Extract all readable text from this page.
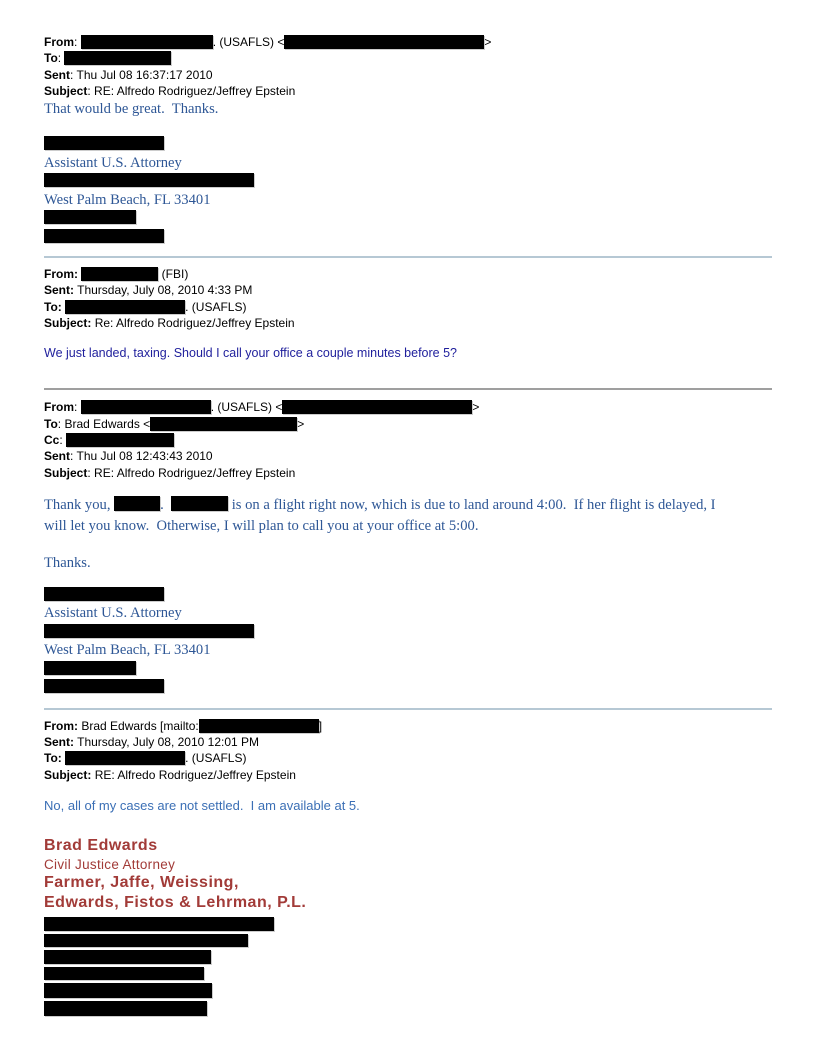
From:	. (USAFLS) <	>
To:
Sent: Thu Jul 08 16:37:17 2010
Subject: RE: Alfredo Rodriguez/Jeffrey Epstein
That would be great.  Thanks.
Assistant U.S. Attorney
West Palm Beach, FL 33401
From:	(FBI)
Sent: Thursday, July 08, 2010 4:33 PM
To:	. (USAFLS)
Subject: Re: Alfredo Rodriguez/Jeffrey Epstein
We just landed, taxing. Should I call your office a couple minutes before 5?
From:	. (USAFLS) <	>
To: Brad Edwards <	>
Cc:
Sent: Thu Jul 08 12:43:43 2010
Subject: RE: Alfredo Rodriguez/Jeffrey Epstein
Thank you,	.	is on a flight right now, which is due to land around 4:00.  If her flight is delayed, I
will let you know.  Otherwise, I will plan to call you at your office at 5:00.
Thanks.
Assistant U.S. Attorney
West Palm Beach, FL 33401
From: Brad Edwards [mailto:	]
Sent: Thursday, July 08, 2010 12:01 PM
To:	. (USAFLS)
Subject: RE: Alfredo Rodriguez/Jeffrey Epstein
No, all of my cases are not settled.  I am available at 5.
Brad Edwards
Civil Justice Attorney
Farmer, Jaffe, Weissing,
Edwards, Fistos & Lehrman, P.L.
